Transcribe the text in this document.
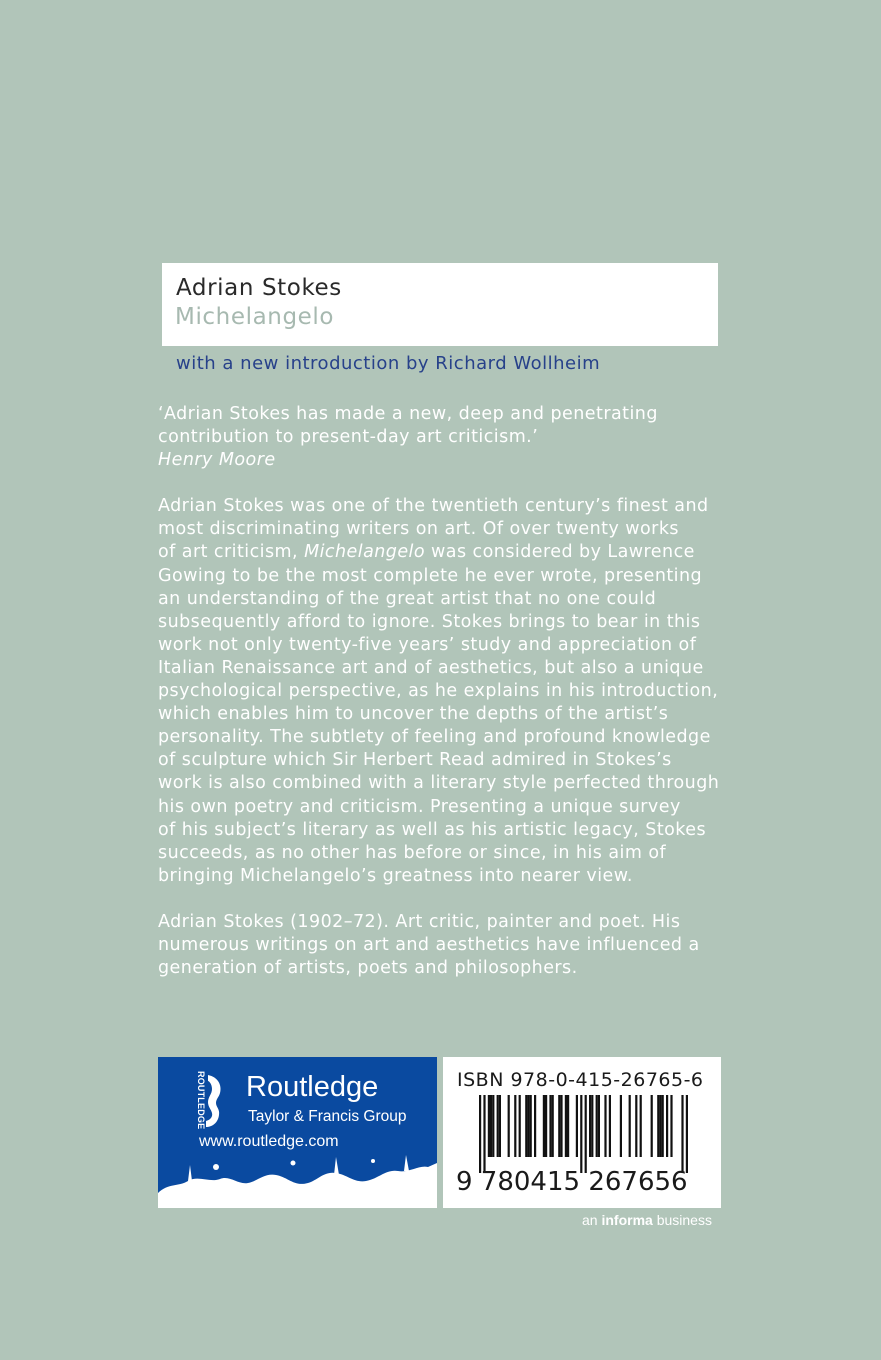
Adrian Stokes
Michelangelo
with a new introduction by Richard Wollheim

‘Adrian Stokes has made a new, deep and penetrating
contribution to present-day art criticism.’
Henry Moore

Adrian Stokes was one of the twentieth century’s finest and
most discriminating writers on art. Of over twenty works
of art criticism, Michelangelo was considered by Lawrence
Gowing to be the most complete he ever wrote, presenting
an understanding of the great artist that no one could
subsequently afford to ignore. Stokes brings to bear in this
work not only twenty-five years’ study and appreciation of
Italian Renaissance art and of aesthetics, but also a unique
psychological perspective, as he explains in his introduction,
which enables him to uncover the depths of the artist’s
personality. The subtlety of feeling and profound knowledge
of sculpture which Sir Herbert Read admired in Stokes’s
work is also combined with a literary style perfected through
his own poetry and criticism. Presenting a unique survey
of his subject’s literary as well as his artistic legacy, Stokes
succeeds, as no other has before or since, in his aim of
bringing Michelangelo’s greatness into nearer view.

Adrian Stokes (1902–72). Art critic, painter and poet. His
numerous writings on art and aesthetics have influenced a
generation of artists, poets and philosophers.

ROUTLEDGE Routledge
Taylor & Francis Group
www.routledge.com
ISBN 978-0-415-26765-6
9 780415 267656
an informa business
